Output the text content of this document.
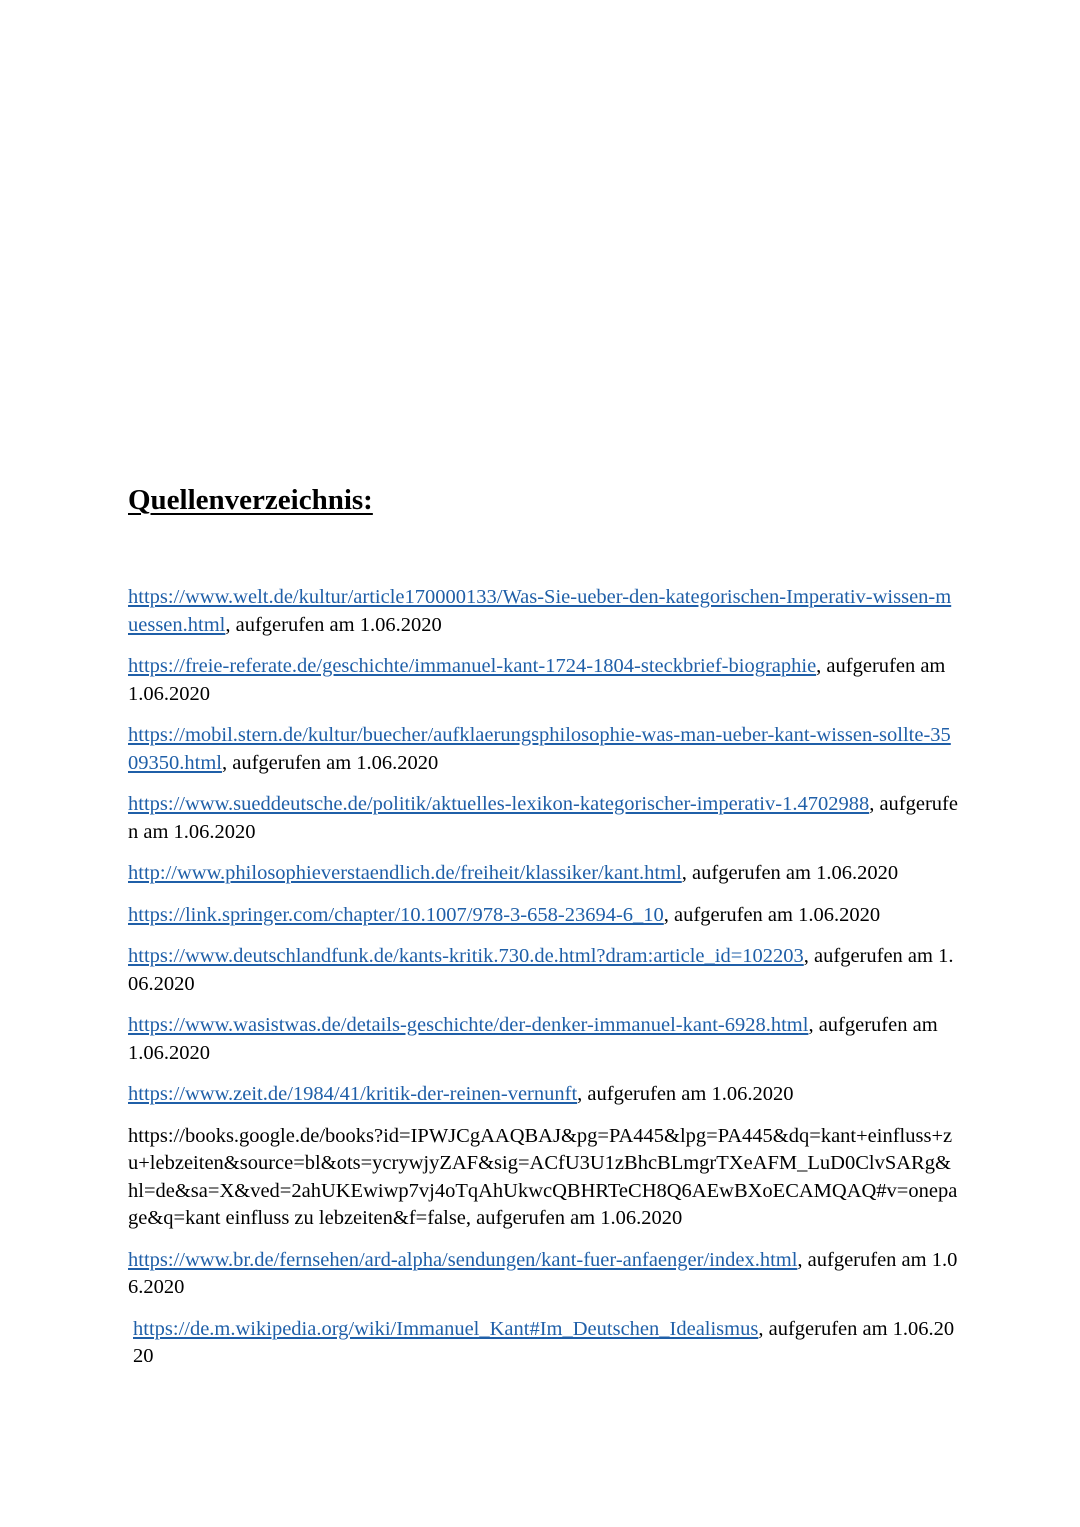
Quellenverzeichnis:

https://www.welt.de/kultur/article170000133/Was-Sie-ueber-den-kategorischen-Imperativ-wissen-muessen.html, aufgerufen am 1.06.2020

https://freie-referate.de/geschichte/immanuel-kant-1724-1804-steckbrief-biographie, aufgerufen am 1.06.2020

https://mobil.stern.de/kultur/buecher/aufklaerungsphilosophie-was-man-ueber-kant-wissen-sollte-3509350.html, aufgerufen am 1.06.2020

https://www.sueddeutsche.de/politik/aktuelles-lexikon-kategorischer-imperativ-1.4702988, aufgerufen am 1.06.2020

http://www.philosophieverstaendlich.de/freiheit/klassiker/kant.html, aufgerufen am 1.06.2020

https://link.springer.com/chapter/10.1007/978-3-658-23694-6_10, aufgerufen am 1.06.2020

https://www.deutschlandfunk.de/kants-kritik.730.de.html?dram:article_id=102203, aufgerufen am 1.06.2020

https://www.wasistwas.de/details-geschichte/der-denker-immanuel-kant-6928.html, aufgerufen am 1.06.2020

https://www.zeit.de/1984/41/kritik-der-reinen-vernunft, aufgerufen am 1.06.2020

https://books.google.de/books?id=IPWJCgAAQBAJ&pg=PA445&lpg=PA445&dq=kant+einfluss+zu+lebzeiten&source=bl&ots=ycrywjyZAF&sig=ACfU3U1zBhcBLmgrTXeAFM_LuD0ClvSARg&hl=de&sa=X&ved=2ahUKEwiwp7vj4oTqAhUkwcQBHRTeCH8Q6AEwBXoECAMQAQ#v=onepage&q=kant einfluss zu lebzeiten&f=false, aufgerufen am 1.06.2020

https://www.br.de/fernsehen/ard-alpha/sendungen/kant-fuer-anfaenger/index.html, aufgerufen am 1.06.2020

https://de.m.wikipedia.org/wiki/Immanuel_Kant#Im_Deutschen_Idealismus, aufgerufen am 1.06.2020
